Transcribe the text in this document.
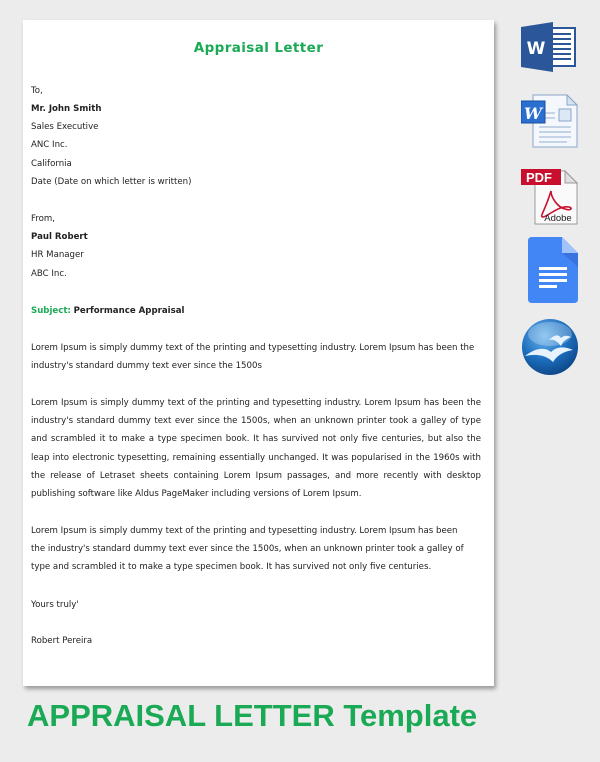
Appraisal Letter
To,
Mr. John Smith
Sales Executive
ANC Inc.
California
Date (Date on which letter is written)
From,
Paul Robert
HR Manager
ABC Inc.
Subject: Performance Appraisal
Lorem Ipsum is simply dummy text of the printing and typesetting industry. Lorem Ipsum has been the industry's standard dummy text ever since the 1500s
Lorem Ipsum is simply dummy text of the printing and typesetting industry. Lorem Ipsum has been the industry's standard dummy text ever since the 1500s, when an unknown printer took a galley of type and scrambled it to make a type specimen book. It has survived not only five centuries, but also the leap into electronic typesetting, remaining essentially unchanged. It was popularised in the 1960s with the release of Letraset sheets containing Lorem Ipsum passages, and more recently with desktop publishing software like Aldus PageMaker including versions of Lorem Ipsum.
Lorem Ipsum is simply dummy text of the printing and typesetting industry. Lorem Ipsum has been the industry's standard dummy text ever since the 1500s, when an unknown printer took a galley of type and scrambled it to make a type specimen book. It has survived not only five centuries.
Yours truly'
Robert Pereira
APPRAISAL LETTER Template
W
W
Adobe
PDF
